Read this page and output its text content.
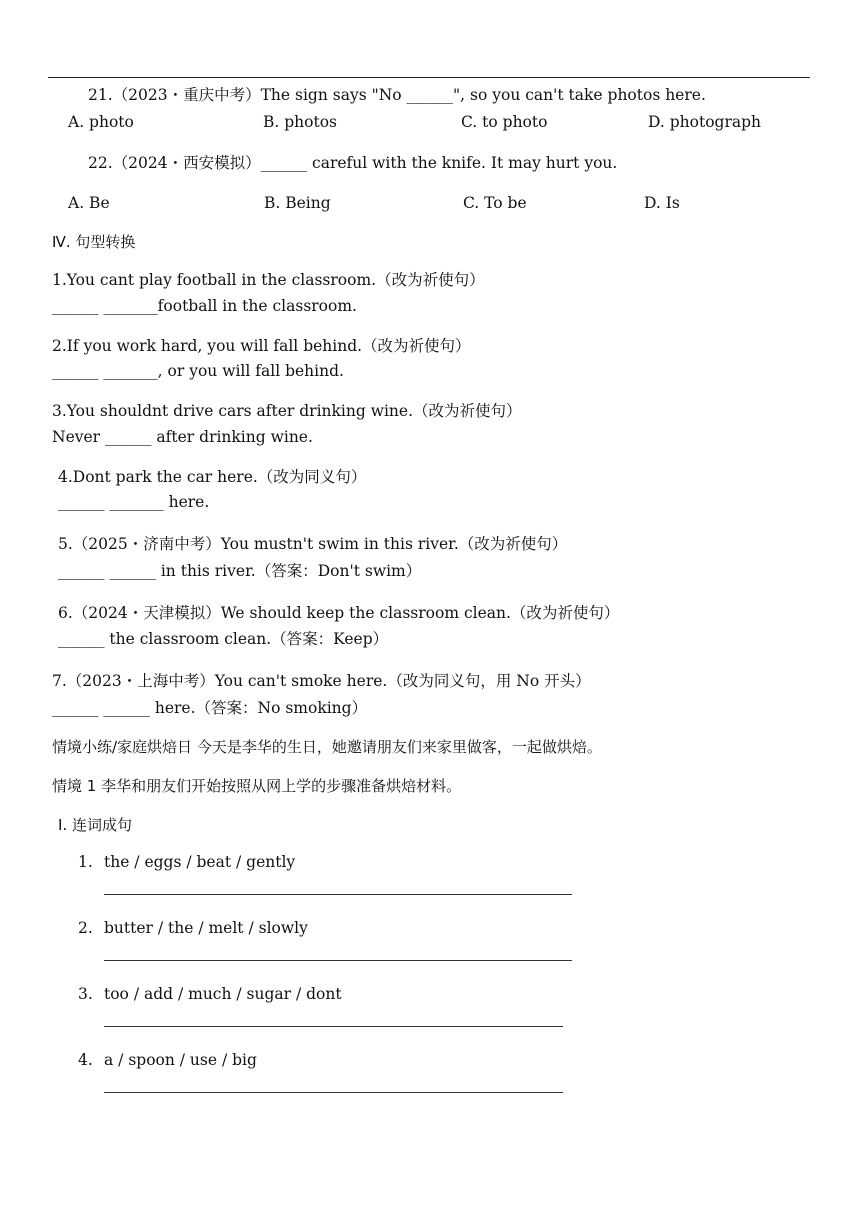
21.（2023・重庆中考）The sign says "No ______", so you can't take photos here.
A. photo	B. photos	C. to photo	D. photograph
22.（2024・西安模拟）______ careful with the knife. It may hurt you.
A. Be	B. Being	C. To be	D. Is
Ⅳ. 句型转换
1.You cant play football in the classroom.（改为祈使句）
______ _______football in the classroom.
2.If you work hard, you will fall behind.（改为祈使句）
______ _______, or you will fall behind.
3.You shouldnt drive cars after drinking wine.（改为祈使句）
Never ______ after drinking wine.
4.Dont park the car here.（改为同义句）
______ _______ here.
5.（2025・济南中考）You mustn't swim in this river.（改为祈使句）
______ ______ in this river.（答案：Don't swim）
6.（2024・天津模拟）We should keep the classroom clean.（改为祈使句）
______ the classroom clean.（答案：Keep）
7.（2023・上海中考）You can't smoke here.（改为同义句，用 No 开头）
______ ______ here.（答案：No smoking）
情境小练/家庭烘焙日 今天是李华的生日，她邀请朋友们来家里做客，一起做烘焙。
情境 1 李华和朋友们开始按照从网上学的步骤准备烘焙材料。
Ⅰ. 连词成句
1. the / eggs / beat / gently
2. butter / the / melt / slowly
3. too / add / much / sugar / dont
4. a / spoon / use / big
